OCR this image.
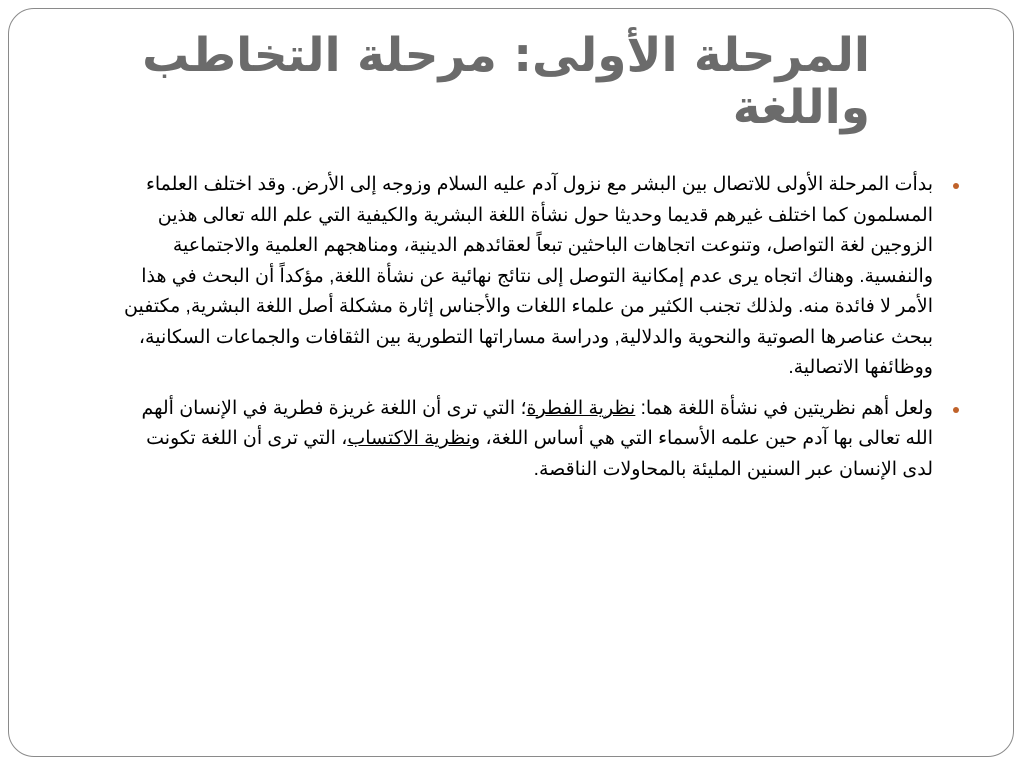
المرحلة الأولى: مرحلة التخاطب واللغة
بدأت المرحلة الأولى للاتصال بين البشر مع نزول آدم عليه السلام وزوجه إلى الأرض. وقد اختلف العلماء المسلمون كما اختلف غيرهم قديما وحديثا حول نشأة اللغة البشرية والكيفية التي علم الله تعالى هذين الزوجين لغة التواصل، وتنوعت اتجاهات الباحثين تبعاً لعقائدهم الدينية، ومناهجهم العلمية والاجتماعية والنفسية. وهناك اتجاه يرى عدم إمكانية التوصل إلى نتائج نهائية عن نشأة اللغة, مؤكداً أن البحث في هذا الأمر لا فائدة منه. ولذلك تجنب الكثير من علماء اللغات والأجناس إثارة مشكلة أصل اللغة البشرية, مكتفين ببحث عناصرها الصوتية والنحوية والدلالية, ودراسة مساراتها التطورية بين الثقافات والجماعات السكانية، ووظائفها الاتصالية.
ولعل أهم نظريتين في نشأة اللغة هما: نظرية الفطرة؛ التي ترى أن اللغة غريزة فطرية في الإنسان ألهم الله تعالى بها آدم حين علمه الأسماء التي هي أساس اللغة، ونظرية الاكتساب، التي ترى أن اللغة تكونت لدى الإنسان عبر السنين المليئة بالمحاولات الناقصة.
